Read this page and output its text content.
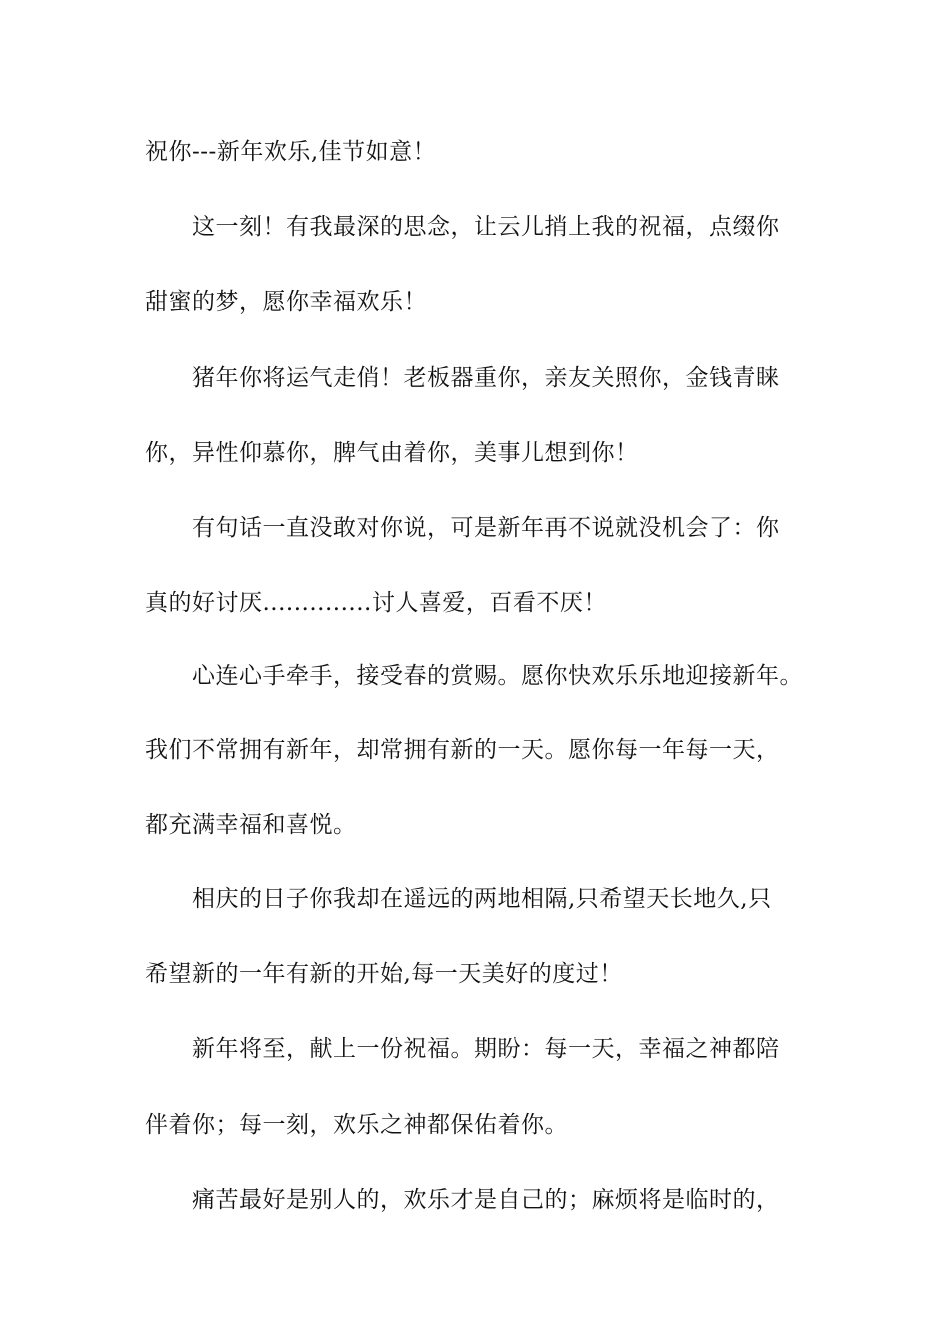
祝你---新年欢乐,佳节如意！

这一刻！有我最深的思念，让云儿捎上我的祝福，点缀你

甜蜜的梦，愿你幸福欢乐！

猪年你将运气走俏！老板器重你，亲友关照你，金钱青睐

你，异性仰慕你，脾气由着你，美事儿想到你！

有句话一直没敢对你说，可是新年再不说就没机会了：你

真的好讨厌..............讨人喜爱，百看不厌！

心连心手牵手，接受春的赏赐。愿你快欢乐乐地迎接新年。

我们不常拥有新年，却常拥有新的一天。愿你每一年每一天，

都充满幸福和喜悦。

相庆的日子你我却在遥远的两地相隔,只希望天长地久,只

希望新的一年有新的开始,每一天美好的度过！

新年将至，献上一份祝福。期盼：每一天，幸福之神都陪

伴着你；每一刻，欢乐之神都保佑着你。

痛苦最好是别人的，欢乐才是自己的；麻烦将是临时的，
